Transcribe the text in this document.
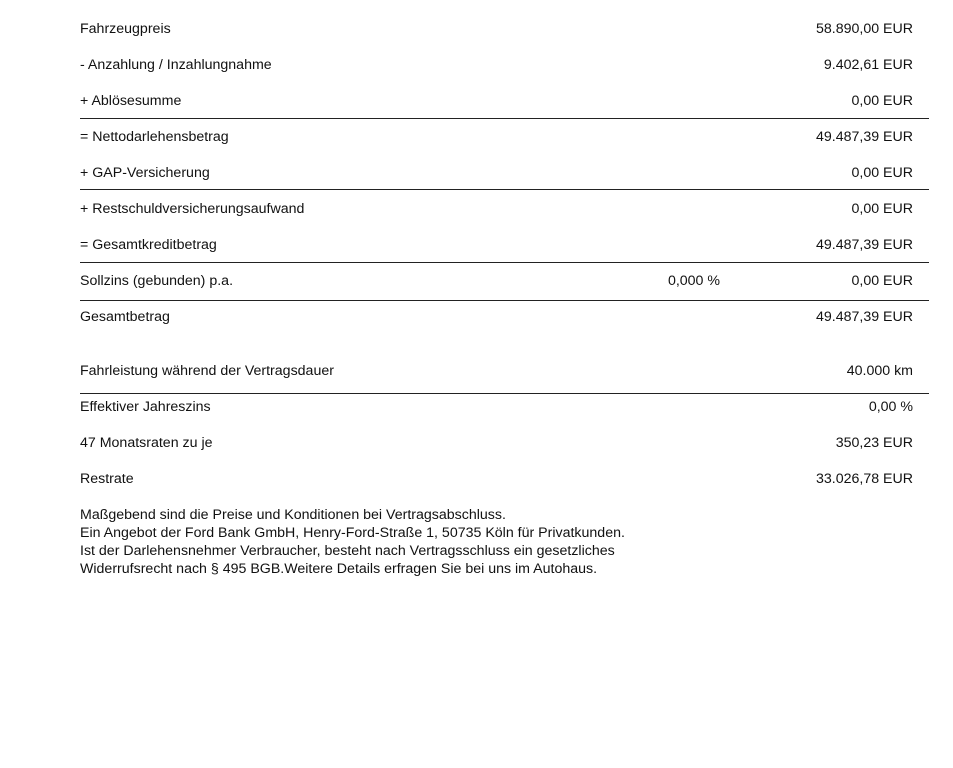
Fahrzeugpreis	58.890,00 EUR
- Anzahlung / Inzahlungnahme	9.402,61 EUR
+ Ablösesumme	0,00 EUR
= Nettodarlehensbetrag	49.487,39 EUR
+ GAP-Versicherung	0,00 EUR
+ Restschuldversicherungsaufwand	0,00 EUR
= Gesamtkreditbetrag	49.487,39 EUR
Sollzins (gebunden) p.a.	0,000 %	0,00 EUR
Gesamtbetrag	49.487,39 EUR
Fahrleistung während der Vertragsdauer	40.000 km
Effektiver Jahreszins	0,00 %
47 Monatsraten zu je	350,23 EUR
Restrate	33.026,78 EUR
Maßgebend sind die Preise und Konditionen bei Vertragsabschluss.
Ein Angebot der Ford Bank GmbH, Henry-Ford-Straße 1, 50735 Köln für Privatkunden.
Ist der Darlehensnehmer Verbraucher, besteht nach Vertragsschluss ein gesetzliches
Widerrufsrecht nach § 495 BGB.Weitere Details erfragen Sie bei uns im Autohaus.
